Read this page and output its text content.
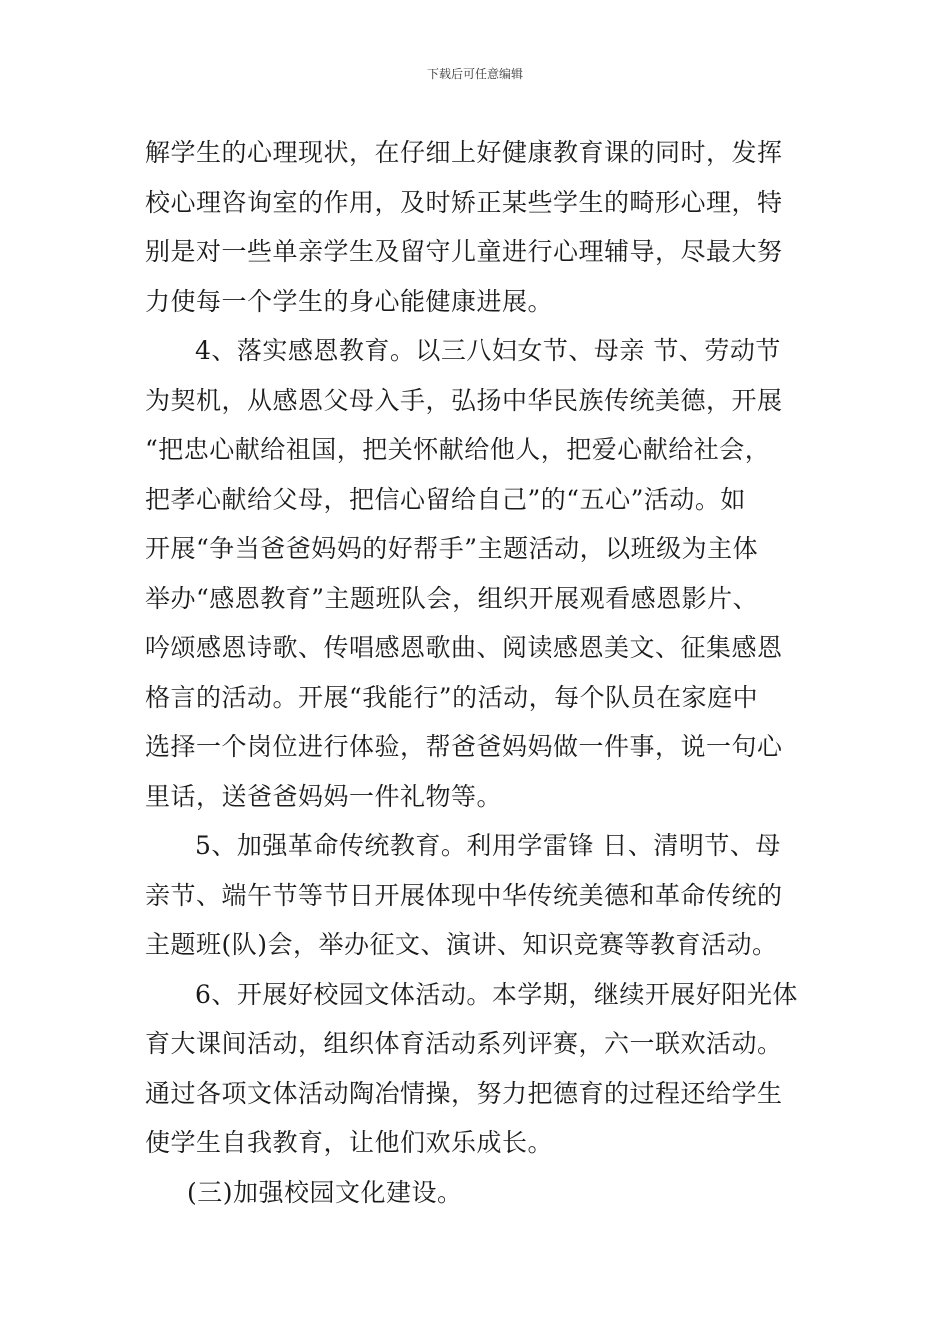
下载后可任意编辑
解学生的心理现状，在仔细上好健康教育课的同时，发挥
校心理咨询室的作用，及时矫正某些学生的畸形心理，特
别是对一些单亲学生及留守儿童进行心理辅导，尽最大努
力使每一个学生的身心能健康进展。
4、落实感恩教育。以三八妇女节、母亲 节、劳动节
为契机，从感恩父母入手，弘扬中华民族传统美德，开展
“把忠心献给祖国，把关怀献给他人，把爱心献给社会，
把孝心献给父母，把信心留给自己”的“五心”活动。如
开展“争当爸爸妈妈的好帮手”主题活动，以班级为主体
举办“感恩教育”主题班队会，组织开展观看感恩影片、
吟颂感恩诗歌、传唱感恩歌曲、阅读感恩美文、征集感恩
格言的活动。开展“我能行”的活动，每个队员在家庭中
选择一个岗位进行体验，帮爸爸妈妈做一件事，说一句心
里话，送爸爸妈妈一件礼物等。
5、加强革命传统教育。利用学雷锋 日、清明节、母
亲节、端午节等节日开展体现中华传统美德和革命传统的
主题班(队)会，举办征文、演讲、知识竞赛等教育活动。
6、开展好校园文体活动。本学期，继续开展好阳光体
育大课间活动，组织体育活动系列评赛，六一联欢活动。
通过各项文体活动陶冶情操，努力把德育的过程还给学生
使学生自我教育，让他们欢乐成长。
(三)加强校园文化建设。
